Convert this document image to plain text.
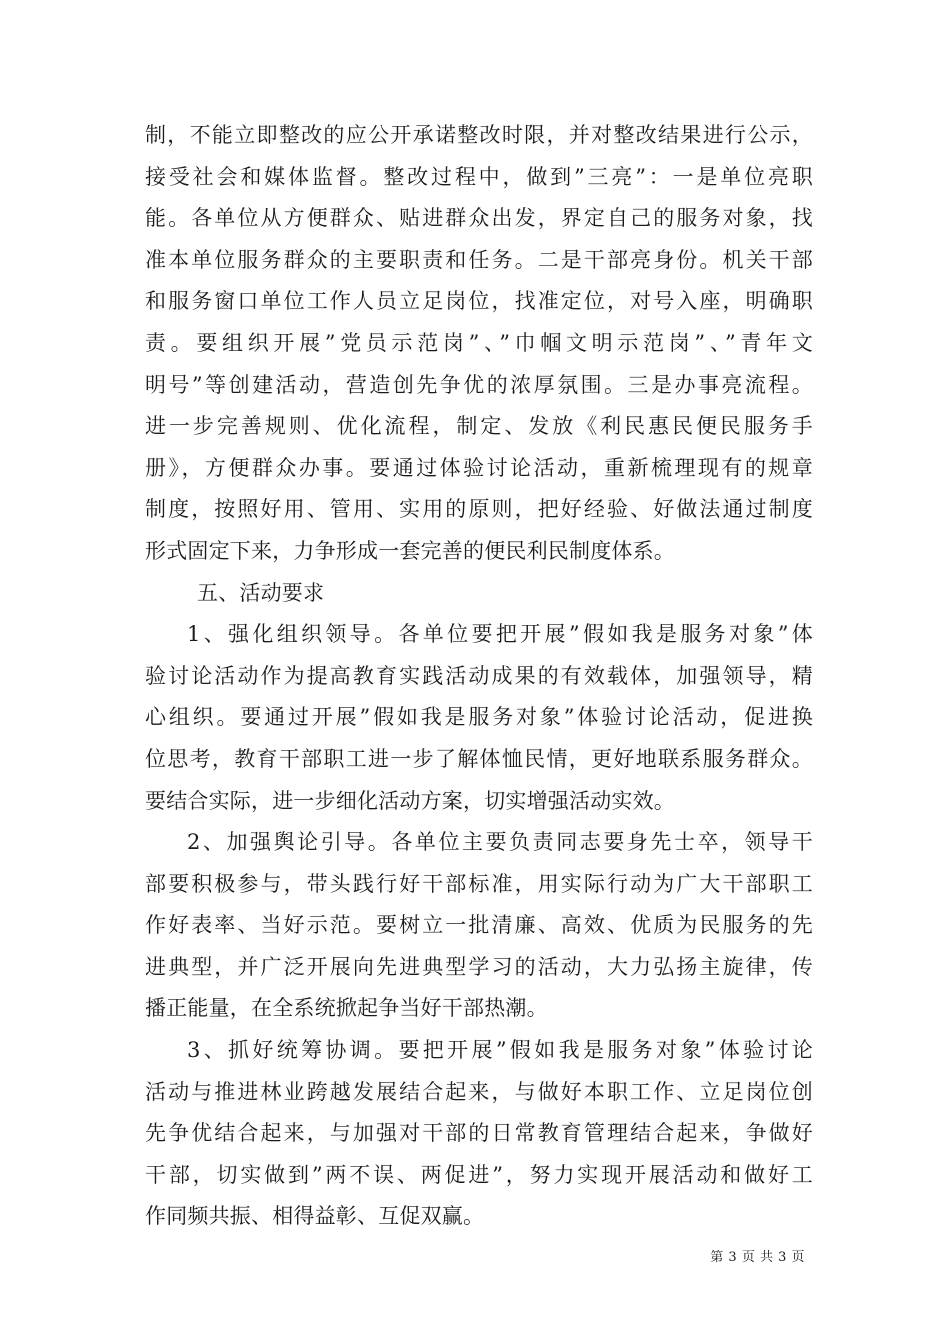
制，不能立即整改的应公开承诺整改时限，并对整改结果进行公示，
接受社会和媒体监督。整改过程中，做到”三亮”：一是单位亮职
能。各单位从方便群众、贴进群众出发，界定自己的服务对象，找
准本单位服务群众的主要职责和任务。二是干部亮身份。机关干部
和服务窗口单位工作人员立足岗位，找准定位，对号入座，明确职
责。要组织开展”党员示范岗”、”巾帼文明示范岗”、”青年文
明号”等创建活动，营造创先争优的浓厚氛围。三是办事亮流程。
进一步完善规则、优化流程，制定、发放《利民惠民便民服务手
册》，方便群众办事。要通过体验讨论活动，重新梳理现有的规章
制度，按照好用、管用、实用的原则，把好经验、好做法通过制度
形式固定下来，力争形成一套完善的便民利民制度体系。
五、活动要求
1、强化组织领导。各单位要把开展”假如我是服务对象”体
验讨论活动作为提高教育实践活动成果的有效载体，加强领导，精
心组织。要通过开展”假如我是服务对象”体验讨论活动，促进换
位思考，教育干部职工进一步了解体恤民情，更好地联系服务群众。
要结合实际，进一步细化活动方案，切实增强活动实效。
2、加强舆论引导。各单位主要负责同志要身先士卒，领导干
部要积极参与，带头践行好干部标准，用实际行动为广大干部职工
作好表率、当好示范。要树立一批清廉、高效、优质为民服务的先
进典型，并广泛开展向先进典型学习的活动，大力弘扬主旋律，传
播正能量，在全系统掀起争当好干部热潮。
3、抓好统筹协调。要把开展”假如我是服务对象”体验讨论
活动与推进林业跨越发展结合起来，与做好本职工作、立足岗位创
先争优结合起来，与加强对干部的日常教育管理结合起来，争做好
干部，切实做到”两不误、两促进”，努力实现开展活动和做好工
作同频共振、相得益彰、互促双赢。
第 3 页 共 3 页
